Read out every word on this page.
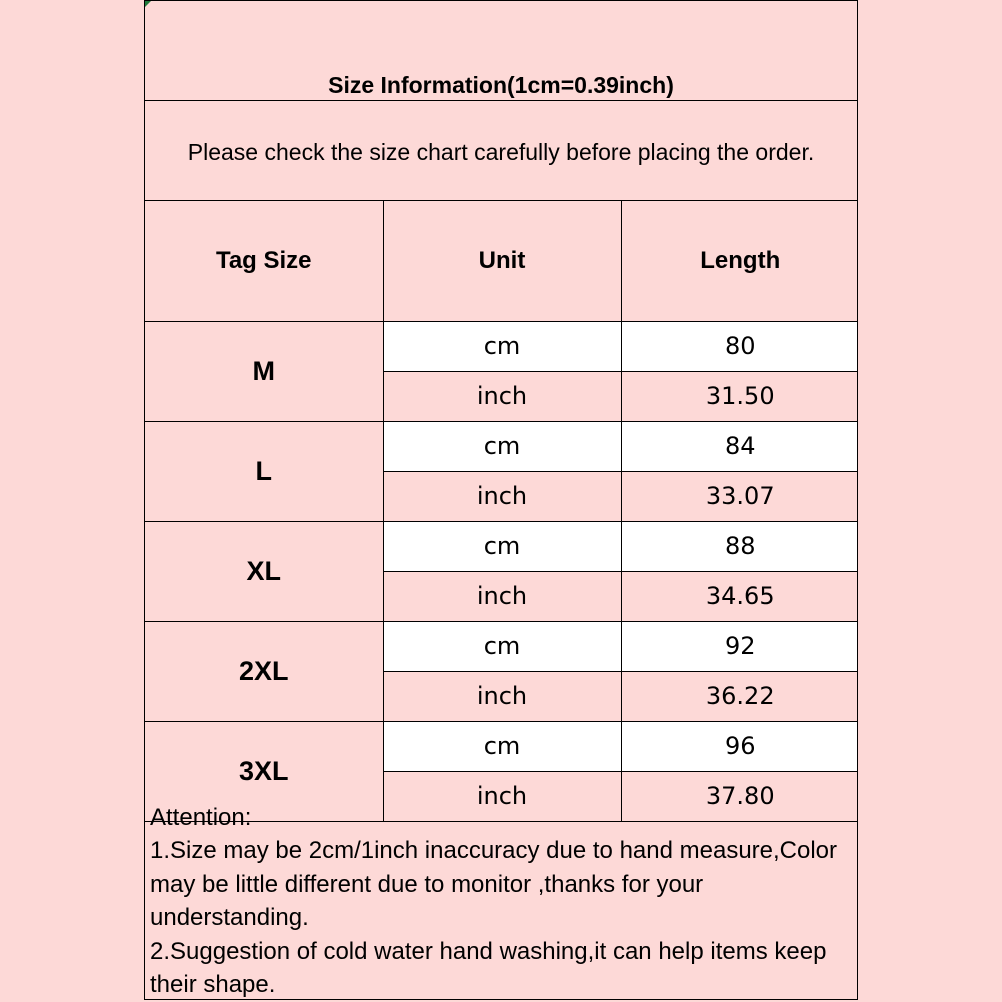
Size Information(1cm=0.39inch)
Please check the size chart carefully before placing the order.
Tag Size	Unit	Length
M	cm	80
	inch	31.50
L	cm	84
	inch	33.07
XL	cm	88
	inch	34.65
2XL	cm	92
	inch	36.22
3XL	cm	96
	inch	37.80
Attention:

1.Size may be 2cm/1inch inaccuracy due to hand measure,Color may be little different due to monitor ,thanks for your understanding.

2.Suggestion of cold water hand washing,it can help items keep their shape.
